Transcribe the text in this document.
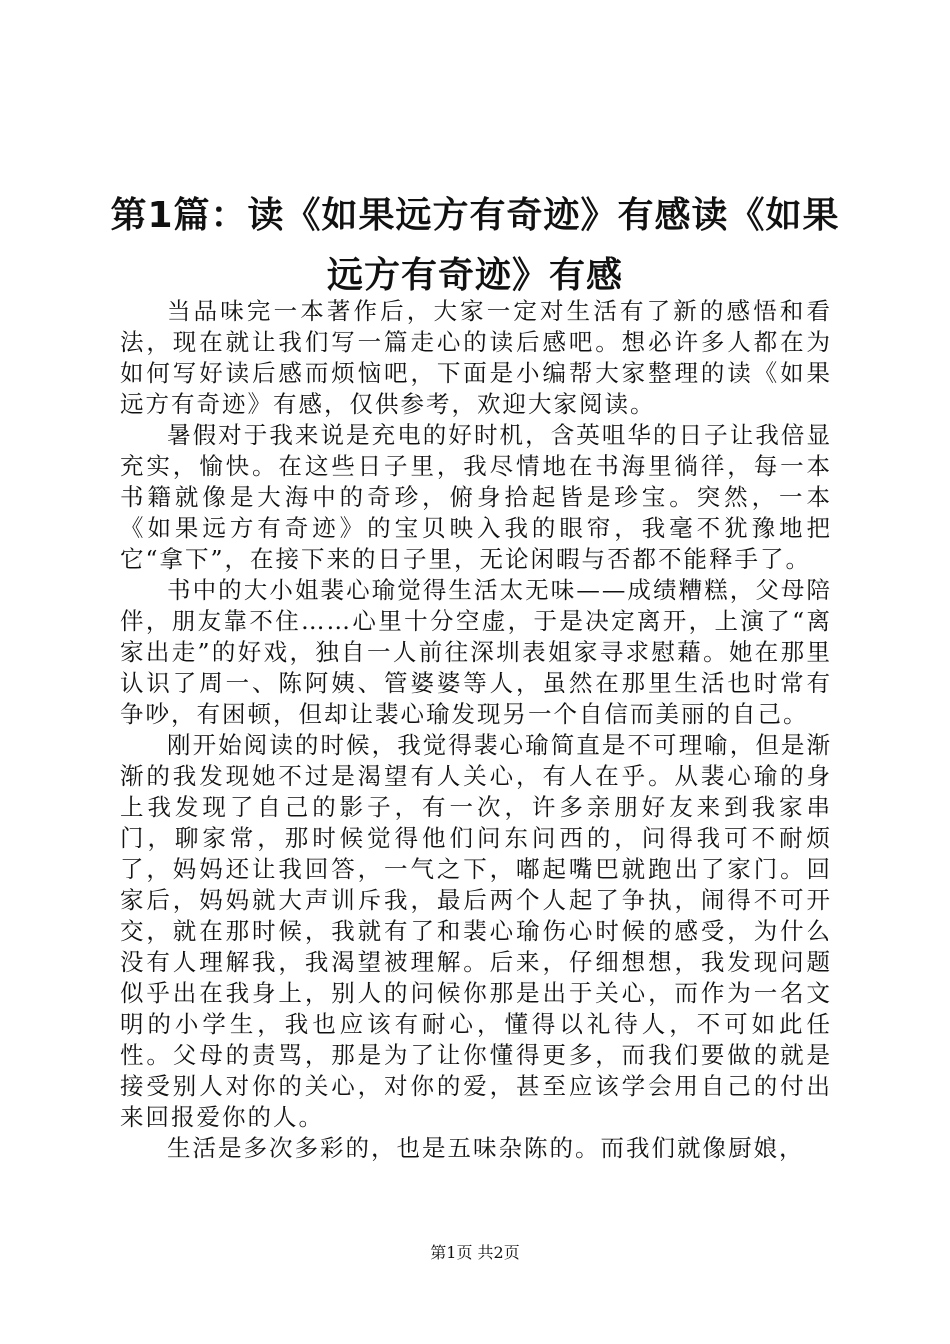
第1篇：读《如果远方有奇迹》有感读《如果
远方有奇迹》有感

当品味完一本著作后，大家一定对生活有了新的感悟和看法，现在就让我们写一篇走心的读后感吧。想必许多人都在为如何写好读后感而烦恼吧，下面是小编帮大家整理的读《如果远方有奇迹》有感，仅供参考，欢迎大家阅读。

暑假对于我来说是充电的好时机，含英咀华的日子让我倍显充实，愉快。在这些日子里，我尽情地在书海里徜徉，每一本书籍就像是大海中的奇珍，俯身拾起皆是珍宝。突然，一本《如果远方有奇迹》的宝贝映入我的眼帘，我毫不犹豫地把它“拿下”，在接下来的日子里，无论闲暇与否都不能释手了。

书中的大小姐裴心瑜觉得生活太无味——成绩糟糕，父母陪伴，朋友靠不住……心里十分空虚，于是决定离开，上演了“离家出走”的好戏，独自一人前往深圳表姐家寻求慰藉。她在那里认识了周一、陈阿姨、管婆婆等人，虽然在那里生活也时常有争吵，有困顿，但却让裴心瑜发现另一个自信而美丽的自己。

刚开始阅读的时候，我觉得裴心瑜简直是不可理喻，但是渐渐的我发现她不过是渴望有人关心，有人在乎。从裴心瑜的身上我发现了自己的影子，有一次，许多亲朋好友来到我家串门，聊家常，那时候觉得他们问东问西的，问得我可不耐烦了，妈妈还让我回答，一气之下，嘟起嘴巴就跑出了家门。回家后，妈妈就大声训斥我，最后两个人起了争执，闹得不可开交，就在那时候，我就有了和裴心瑜伤心时候的感受，为什么没有人理解我，我渴望被理解。后来，仔细想想，我发现问题似乎出在我身上，别人的问候你那是出于关心，而作为一名文明的小学生，我也应该有耐心，懂得以礼待人，不可如此任性。父母的责骂，那是为了让你懂得更多，而我们要做的就是接受别人对你的关心，对你的爱，甚至应该学会用自己的付出来回报爱你的人。

生活是多次多彩的，也是五味杂陈的。而我们就像厨娘，

第1页 共2页
